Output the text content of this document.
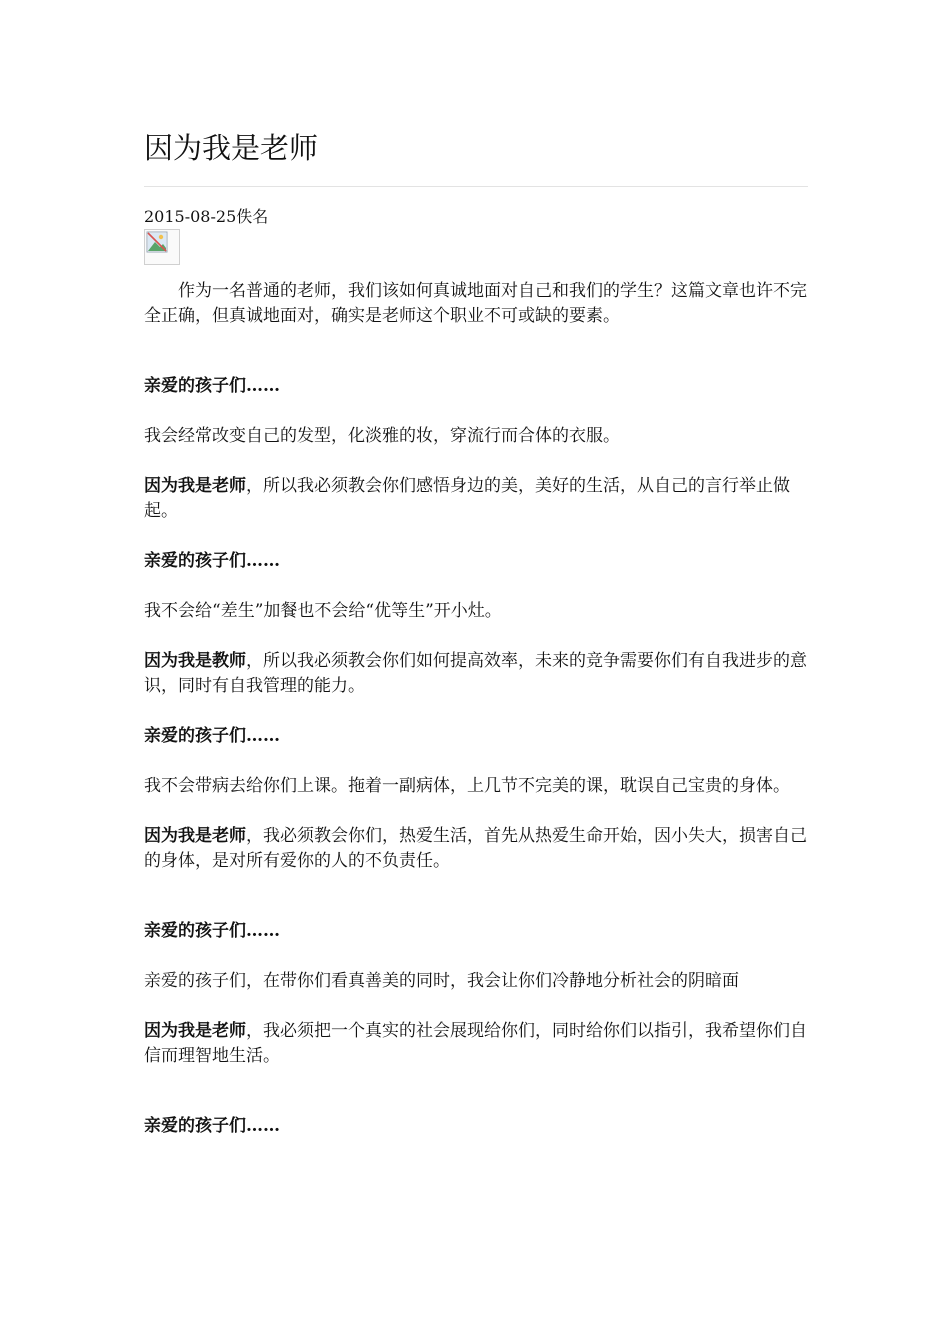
因为我是老师
2015-08-25佚名

作为一名普通的老师，我们该如何真诚地面对自己和我们的学生？这篇文章也许不完全正确，但真诚地面对，确实是老师这个职业不可或缺的要素。

亲爱的孩子们……

我会经常改变自己的发型，化淡雅的妆，穿流行而合体的衣服。

因为我是老师，所以我必须教会你们感悟身边的美，美好的生活，从自己的言行举止做起。

亲爱的孩子们……

我不会给“差生”加餐也不会给“优等生”开小灶。

因为我是教师，所以我必须教会你们如何提高效率，未来的竞争需要你们有自我进步的意识，同时有自我管理的能力。

亲爱的孩子们……

我不会带病去给你们上课。拖着一副病体，上几节不完美的课，耽误自己宝贵的身体。

因为我是老师，我必须教会你们，热爱生活，首先从热爱生命开始，因小失大，损害自己的身体，是对所有爱你的人的不负责任。

亲爱的孩子们……

亲爱的孩子们，在带你们看真善美的同时，我会让你们冷静地分析社会的阴暗面

因为我是老师，我必须把一个真实的社会展现给你们，同时给你们以指引，我希望你们自信而理智地生活。

亲爱的孩子们……
